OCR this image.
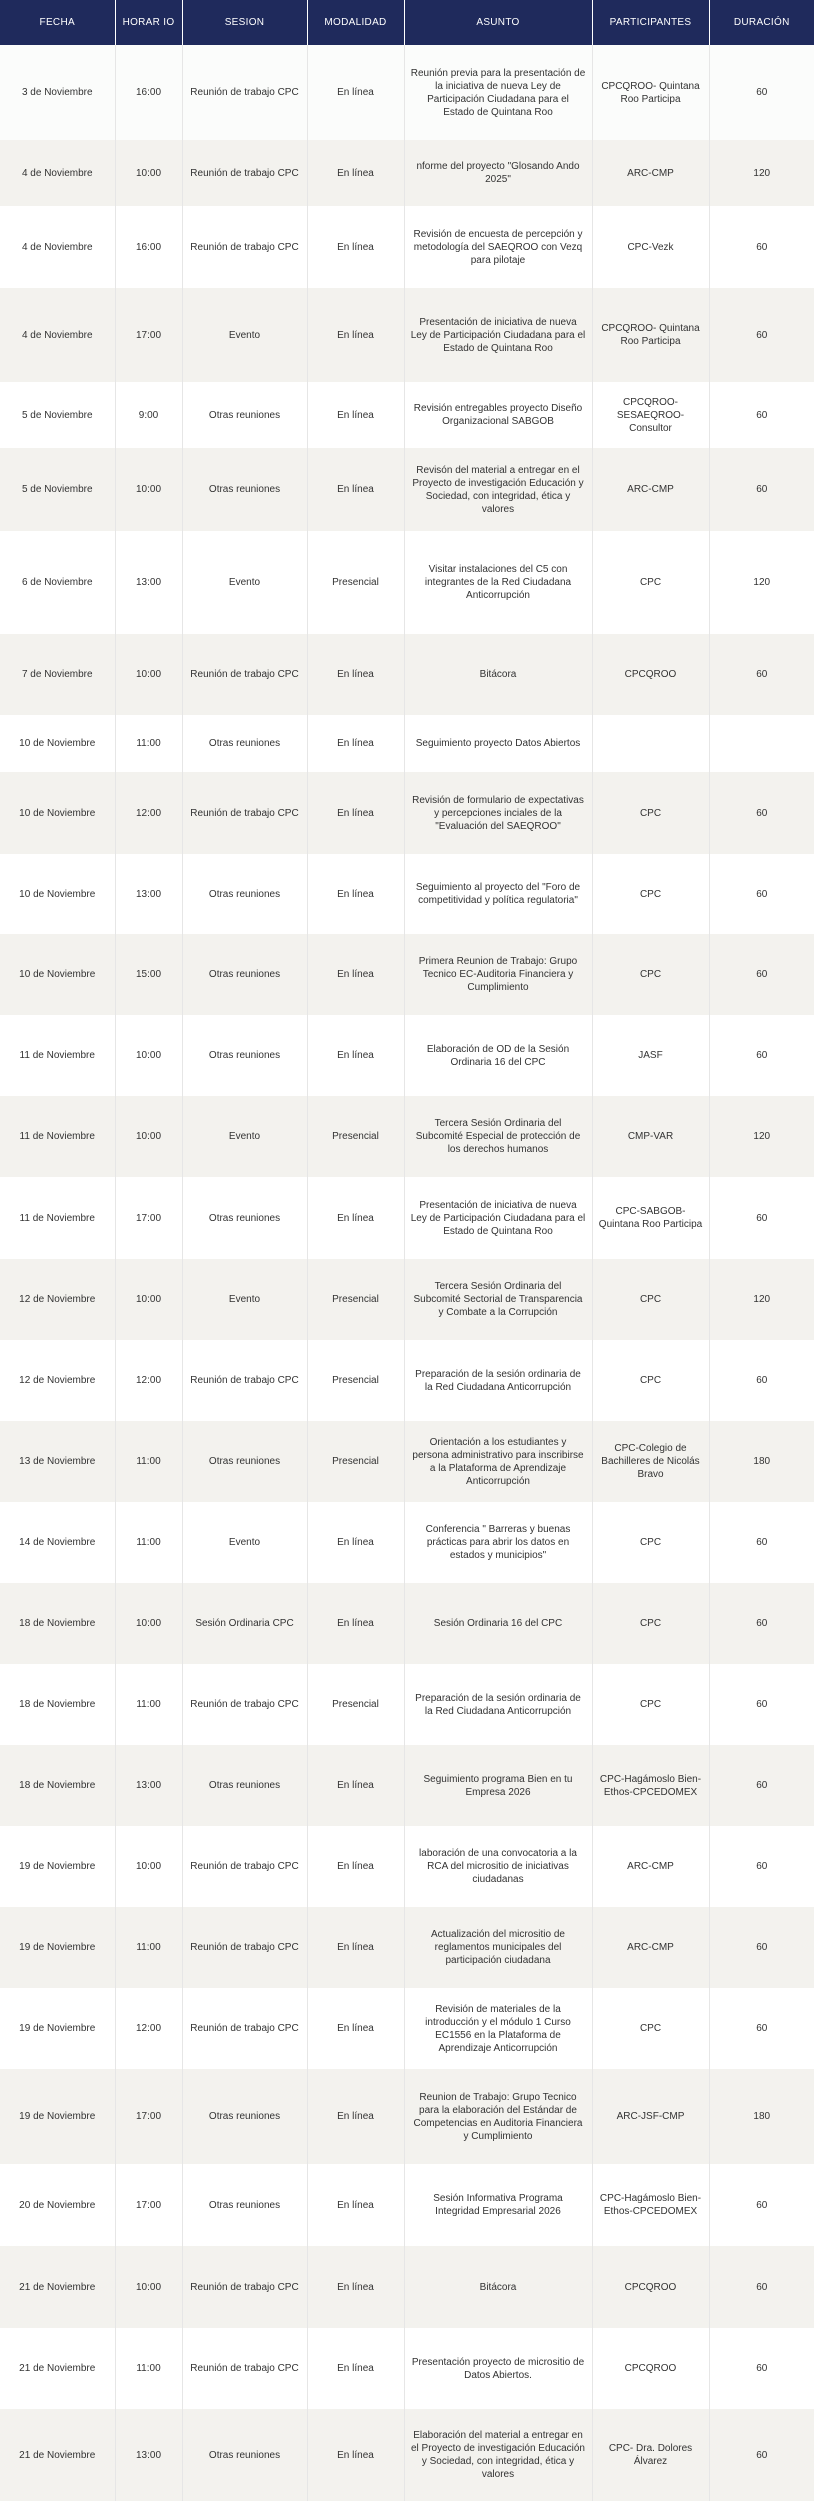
FECHA	HORAR IO	SESION	MODALIDAD	ASUNTO	PARTICIPANTES	DURACIÓN
3 de Noviembre	16:00	Reunión de trabajo CPC	En línea	Reunión previa para la presentación de la iniciativa de nueva Ley de Participación Ciudadana para el Estado de Quintana Roo	CPCQROO- Quintana Roo Participa	60
4 de Noviembre	10:00	Reunión de trabajo CPC	En línea	nforme del proyecto "Glosando Ando 2025"	ARC-CMP	120
4 de Noviembre	16:00	Reunión de trabajo CPC	En línea	Revisión de encuesta de percepción y metodología del SAEQROO con Vezq para pilotaje	CPC-Vezk	60
4 de Noviembre	17:00	Evento	En línea	Presentación de iniciativa de nueva Ley de Participación Ciudadana para el Estado de Quintana Roo	CPCQROO- Quintana Roo Participa	60
5 de Noviembre	9:00	Otras reuniones	En línea	Revisión entregables proyecto Diseño Organizacional SABGOB	CPCQROO- SESAEQROO- Consultor	60
5 de Noviembre	10:00	Otras reuniones	En línea	Revisón del material a entregar en el Proyecto de investigación Educación y Sociedad, con integridad, ética y valores	ARC-CMP	60
6 de Noviembre	13:00	Evento	Presencial	Visitar instalaciones del C5 con integrantes de la Red Ciudadana Anticorrupción	CPC	120
7 de Noviembre	10:00	Reunión de trabajo CPC	En línea	Bitácora	CPCQROO	60
10 de Noviembre	11:00	Otras reuniones	En línea	Seguimiento proyecto Datos Abiertos		
10 de Noviembre	12:00	Reunión de trabajo CPC	En línea	Revisión de formulario de expectativas y percepciones inciales de la "Evaluación del SAEQROO"	CPC	60
10 de Noviembre	13:00	Otras reuniones	En línea	Seguimiento al proyecto del "Foro de competitividad y política regulatoria"	CPC	60
10 de Noviembre	15:00	Otras reuniones	En línea	Primera Reunion de Trabajo: Grupo Tecnico EC-Auditoria Financiera y Cumplimiento	CPC	60
11 de Noviembre	10:00	Otras reuniones	En línea	Elaboración de OD de la Sesión Ordinaria 16 del CPC	JASF	60
11 de Noviembre	10:00	Evento	Presencial	Tercera Sesión Ordinaria del Subcomité Especial de protección de los derechos humanos	CMP-VAR	120
11 de Noviembre	17:00	Otras reuniones	En línea	Presentación de iniciativa de nueva Ley de Participación Ciudadana para el Estado de Quintana Roo	CPC-SABGOB- Quintana Roo Participa	60
12 de Noviembre	10:00	Evento	Presencial	Tercera Sesión Ordinaria del Subcomité Sectorial de Transparencia y Combate a la Corrupción	CPC	120
12 de Noviembre	12:00	Reunión de trabajo CPC	Presencial	Preparación de la sesión ordinaria de la Red Ciudadana Anticorrupción	CPC	60
13 de Noviembre	11:00	Otras reuniones	Presencial	Orientación a los estudiantes y persona administrativo para inscribirse a la Plataforma de Aprendizaje Anticorrupción	CPC-Colegio de Bachilleres de Nicolás Bravo	180
14 de Noviembre	11:00	Evento	En línea	Conferencia " Barreras y buenas prácticas para abrir los datos en estados y municipios"	CPC	60
18 de Noviembre	10:00	Sesión Ordinaria CPC	En línea	Sesión Ordinaria 16 del CPC	CPC	60
18 de Noviembre	11:00	Reunión de trabajo CPC	Presencial	Preparación de la sesión ordinaria de la Red Ciudadana Anticorrupción	CPC	60
18 de Noviembre	13:00	Otras reuniones	En línea	Seguimiento programa Bien en tu Empresa 2026	CPC-Hagámoslo Bien-Ethos-CPCEDOMEX	60
19 de Noviembre	10:00	Reunión de trabajo CPC	En línea	laboración de una convocatoria a la RCA del micrositio de iniciativas ciudadanas	ARC-CMP	60
19 de Noviembre	11:00	Reunión de trabajo CPC	En línea	Actualización del micrositio de reglamentos municipales del participación ciudadana	ARC-CMP	60
19 de Noviembre	12:00	Reunión de trabajo CPC	En línea	Revisión de materiales de la introducción y el módulo 1 Curso EC1556 en la Plataforma de Aprendizaje Anticorrupción	CPC	60
19 de Noviembre	17:00	Otras reuniones	En línea	Reunion de Trabajo: Grupo Tecnico para la elaboración del Estándar de Competencias en Auditoria Financiera y Cumplimiento	ARC-JSF-CMP	180
20 de Noviembre	17:00	Otras reuniones	En línea	Sesión Informativa Programa Integridad Empresarial 2026	CPC-Hagámoslo Bien-Ethos-CPCEDOMEX	60
21 de Noviembre	10:00	Reunión de trabajo CPC	En línea	Bitácora	CPCQROO	60
21 de Noviembre	11:00	Reunión de trabajo CPC	En línea	Presentación proyecto de micrositio de Datos Abiertos.	CPCQROO	60
21 de Noviembre	13:00	Otras reuniones	En línea	Elaboración del material a entregar en el Proyecto de investigación Educación y Sociedad, con integridad, ética y valores	CPC- Dra. Dolores Álvarez	60
